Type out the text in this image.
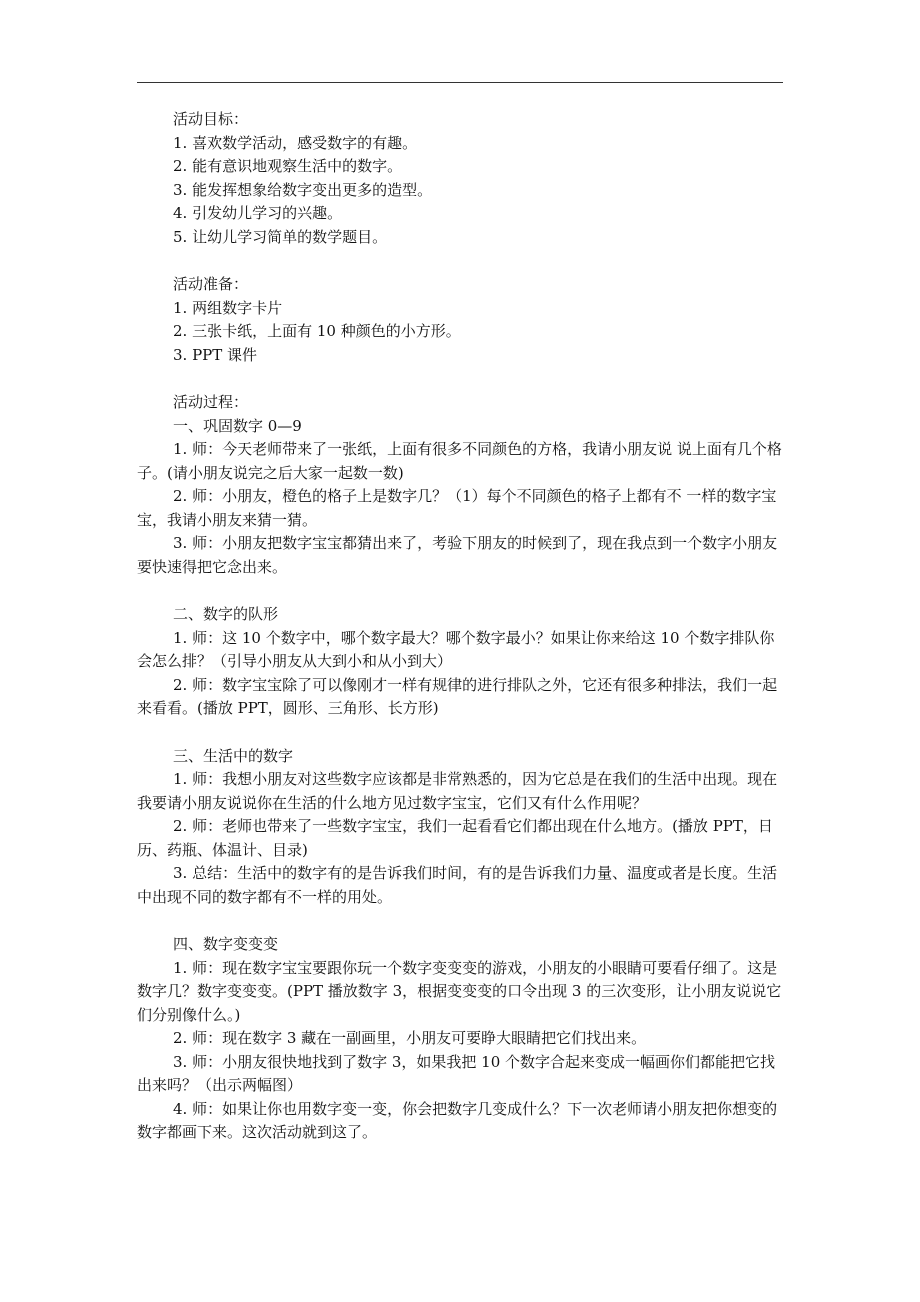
活动目标：

1. 喜欢数学活动，感受数字的有趣。

2. 能有意识地观察生活中的数字。

3. 能发挥想象给数字变出更多的造型。

4. 引发幼儿学习的兴趣。

5. 让幼儿学习简单的数学题目。

活动准备：

1. 两组数字卡片

2. 三张卡纸，上面有 10 种颜色的小方形。

3. PPT 课件

活动过程：

一、巩固数字 0—9

1. 师：今天老师带来了一张纸，上面有很多不同颜色的方格，我请小朋友说 说上面有几个格子。(请小朋友说完之后大家一起数一数)

2. 师：小朋友，橙色的格子上是数字几？（1）每个不同颜色的格子上都有不 一样的数字宝宝，我请小朋友来猜一猜。

3. 师：小朋友把数字宝宝都猜出来了，考验下朋友的时候到了，现在我点到一个数字小朋友要快速得把它念出来。

二、数字的队形

1. 师：这 10 个数字中，哪个数字最大？哪个数字最小？如果让你来给这 10 个数字排队你会怎么排？（引导小朋友从大到小和从小到大）

2. 师：数字宝宝除了可以像刚才一样有规律的进行排队之外，它还有很多种排法，我们一起来看看。(播放 PPT，圆形、三角形、长方形)

三、生活中的数字

1. 师：我想小朋友对这些数字应该都是非常熟悉的，因为它总是在我们的生活中出现。现在我要请小朋友说说你在生活的什么地方见过数字宝宝，它们又有什么作用呢？

2. 师：老师也带来了一些数字宝宝，我们一起看看它们都出现在什么地方。(播放 PPT，日历、药瓶、体温计、目录)

3. 总结：生活中的数字有的是告诉我们时间，有的是告诉我们力量、温度或者是长度。生活中出现不同的数字都有不一样的用处。

四、数字变变变

1. 师：现在数字宝宝要跟你玩一个数字变变变的游戏，小朋友的小眼睛可要看仔细了。这是数字几？数字变变变。(PPT 播放数字 3，根据变变变的口令出现 3 的三次变形，让小朋友说说它们分别像什么。)

2. 师：现在数字 3 藏在一副画里，小朋友可要睁大眼睛把它们找出来。

3. 师：小朋友很快地找到了数字 3，如果我把 10 个数字合起来变成一幅画你们都能把它找出来吗？（出示两幅图）

4. 师：如果让你也用数字变一变，你会把数字几变成什么？下一次老师请小朋友把你想变的数字都画下来。这次活动就到这了。
